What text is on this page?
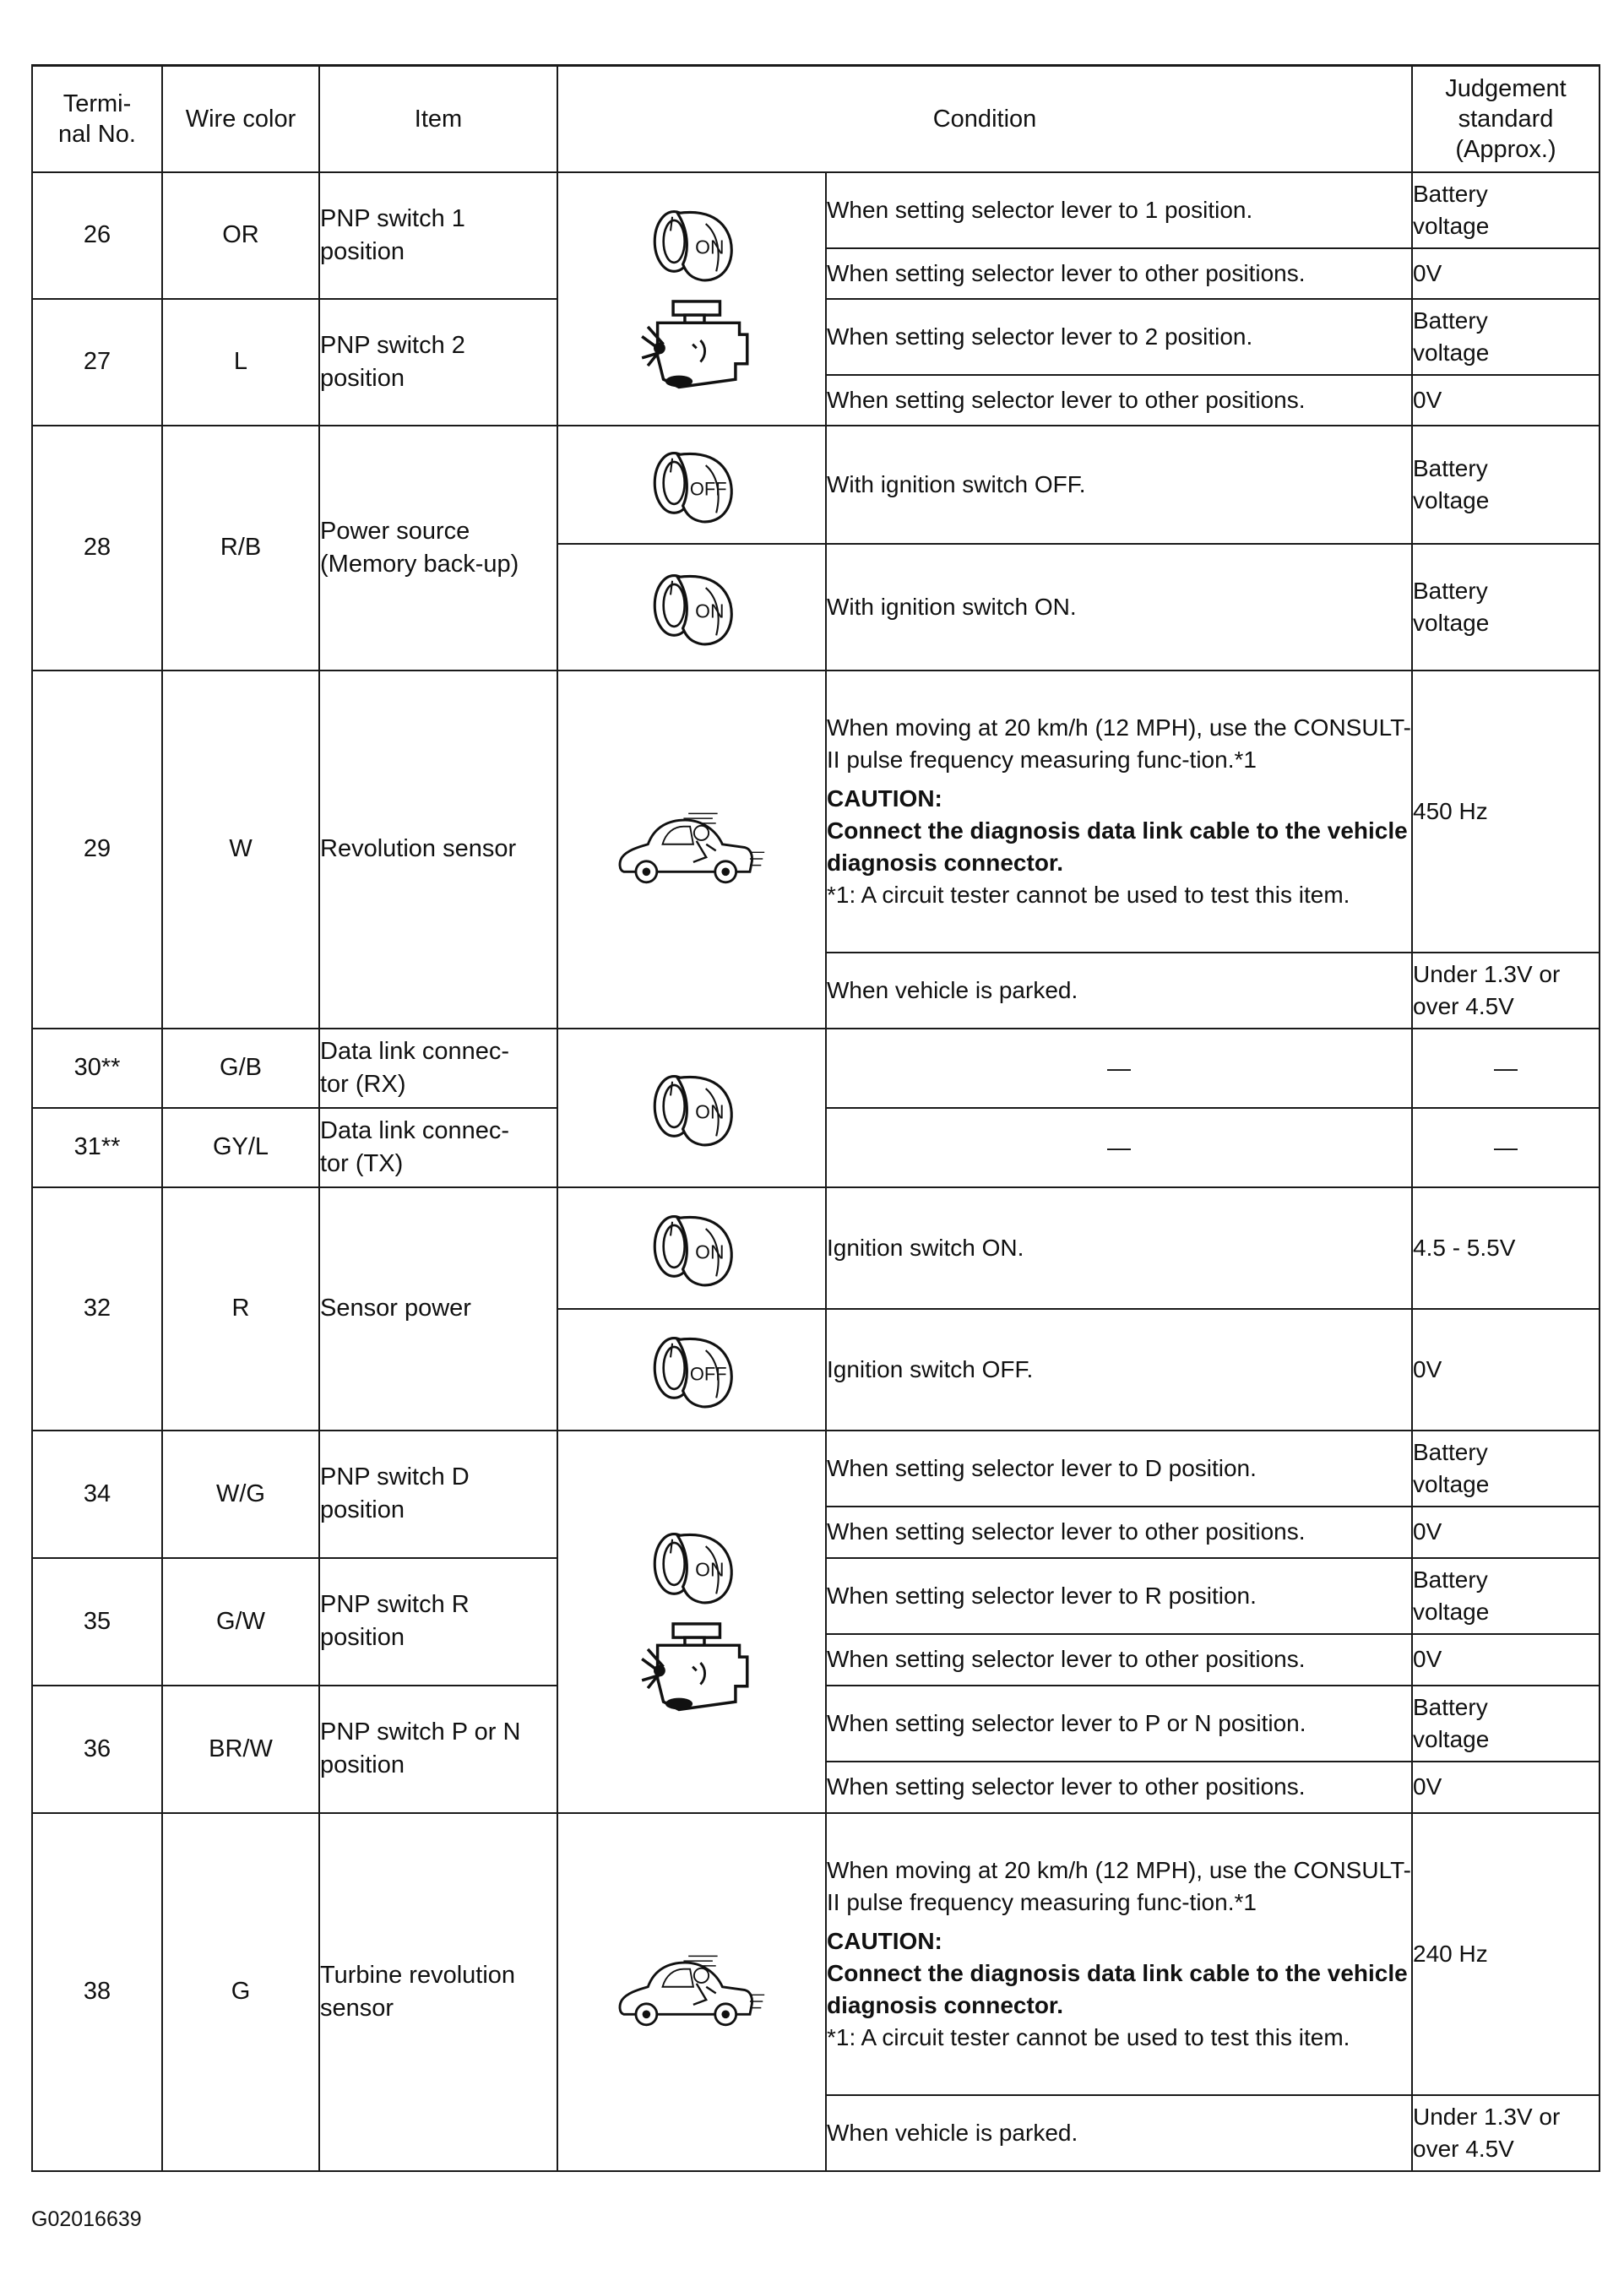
Termi-
nal No.	Wire color	Item	Condition		Judgement
standard
(Approx.)
26	OR	PNP switch 1
position	ON	When setting selector lever to 1 position.	Battery
voltage
				When setting selector lever to other positions.	0V
27	L	PNP switch 2
position		When setting selector lever to 2 position.	Battery
voltage
				When setting selector lever to other positions.	0V
28	R/B	Power source
(Memory back-up)	OFF	With ignition switch OFF.	Battery
voltage

ON	With ignition switch ON.	Battery
voltage
29	W	Revolution sensor		When moving at 20 km/h (12 MPH), use the CONSULT-II pulse frequency measuring func-tion.*1
CAUTION:
Connect the diagnosis data link cable to the vehicle diagnosis connector.
*1: A circuit tester cannot be used to test this item.	450 Hz
				When vehicle is parked.	Under 1.3V or
over 4.5V
30**	G/B	Data link connec-
tor (RX)	ON	—	—
31**	GY/L	Data link connec-
tor (TX)		—	—
32	R	Sensor power	ON	Ignition switch ON.	4.5 - 5.5V

OFF	Ignition switch OFF.	0V
34	W/G	PNP switch D
position	ON	When setting selector lever to D position.	Battery
voltage
				When setting selector lever to other positions.	0V
35	G/W	PNP switch R
position		When setting selector lever to R position.	Battery
voltage
				When setting selector lever to other positions.	0V
36	BR/W	PNP switch P or N
position		When setting selector lever to P or N position.	Battery
voltage
				When setting selector lever to other positions.	0V
38	G	Turbine revolution
sensor		When moving at 20 km/h (12 MPH), use the CONSULT-II pulse frequency measuring func-tion.*1
CAUTION:
Connect the diagnosis data link cable to the vehicle diagnosis connector.
*1: A circuit tester cannot be used to test this item.	240 Hz
				When vehicle is parked.	Under 1.3V or
over 4.5V
G02016639
